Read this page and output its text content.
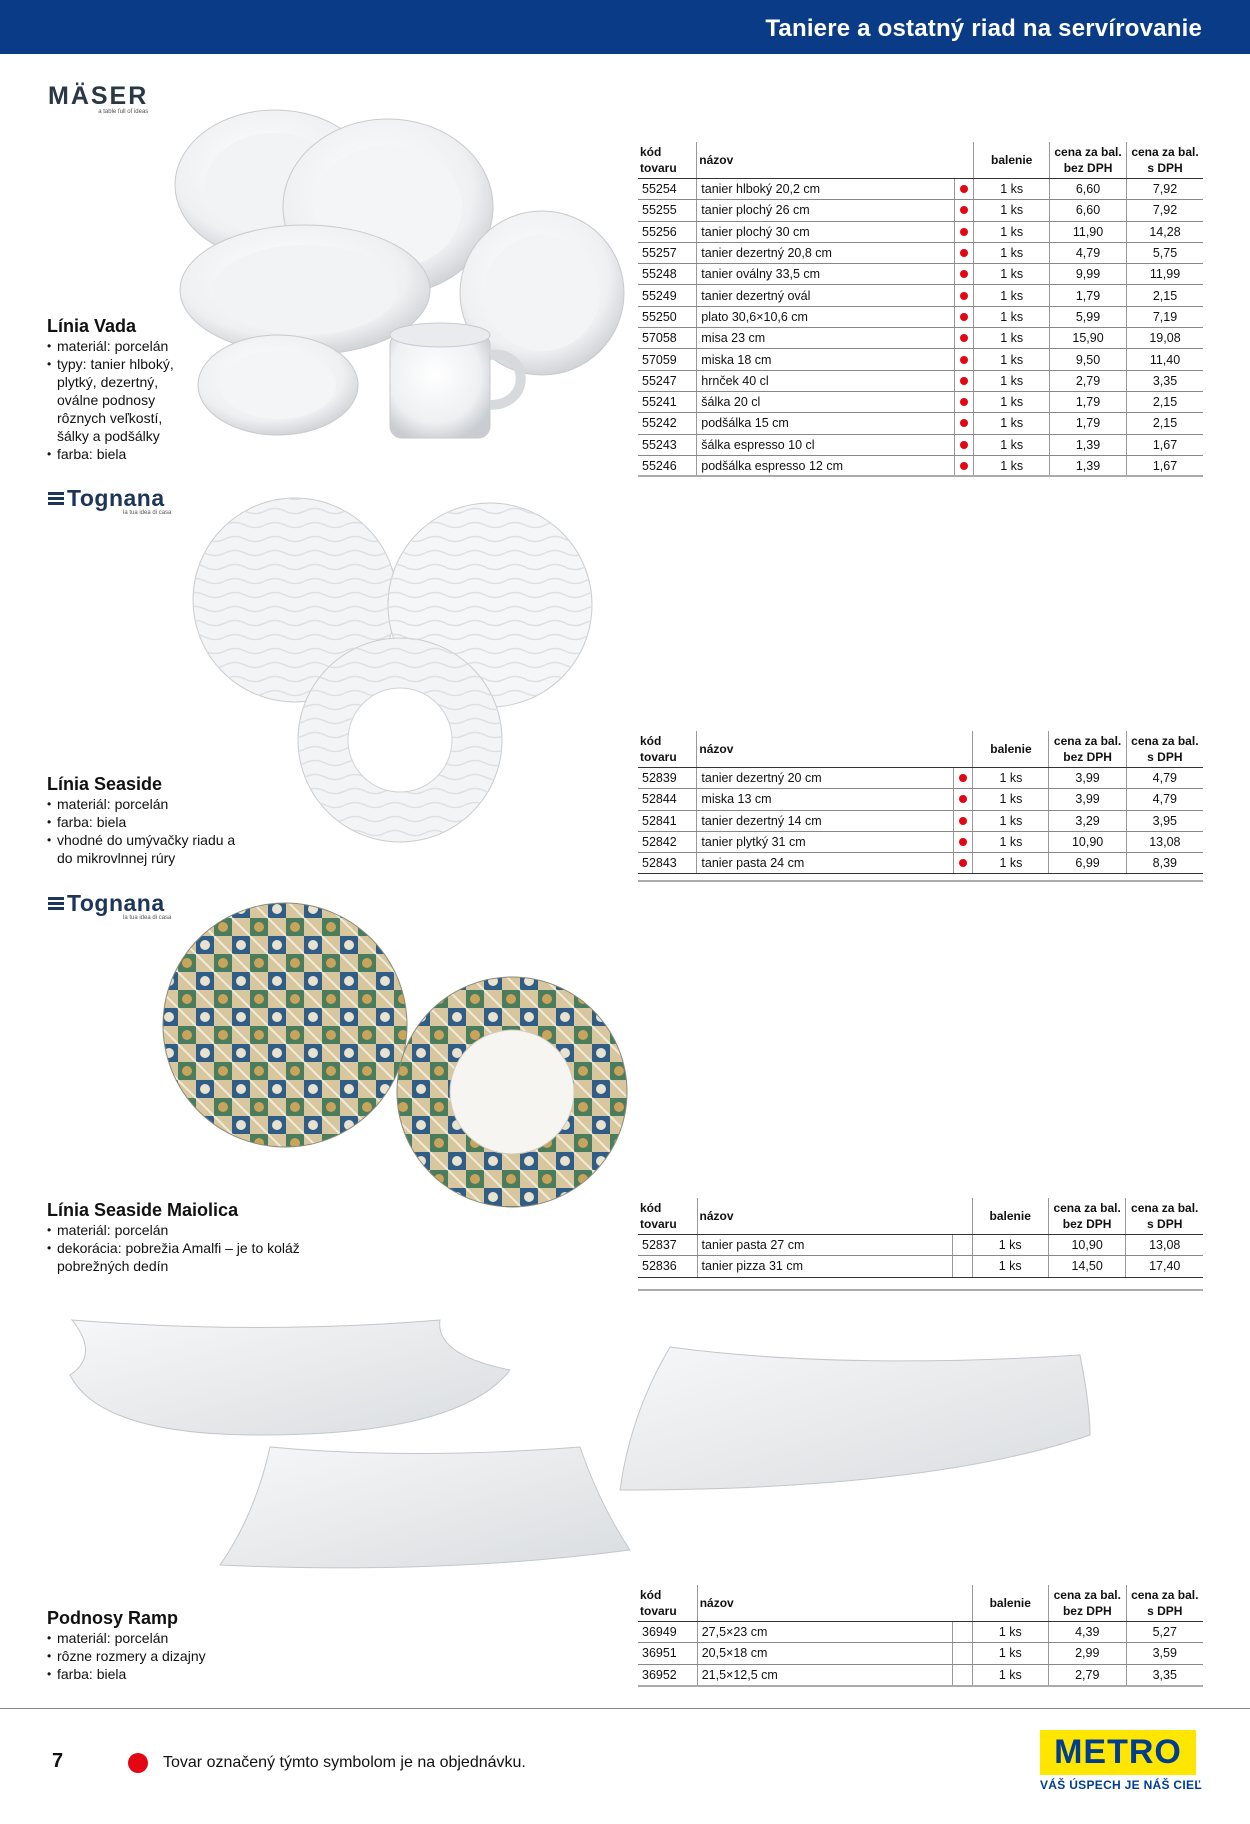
Taniere a ostatný riad na servírovanie
MÄSER
a table full of ideas
Línia Vada
• materiál: porcelán
• typy: tanier hlboký, plytký, dezertný, oválne podnosy rôznych veľkostí, šálky a podšálky
• farba: biela
kód tovaru	názov		balenie	cena za bal. bez DPH	cena za bal. s DPH
55254	tanier hlboký 20,2 cm		1 ks	6,60	7,92
55255	tanier plochý 26 cm		1 ks	6,60	7,92
55256	tanier plochý 30 cm		1 ks	11,90	14,28
55257	tanier dezertný 20,8 cm		1 ks	4,79	5,75
55248	tanier oválny 33,5 cm		1 ks	9,99	11,99
55249	tanier dezertný ovál		1 ks	1,79	2,15
55250	plato 30,6×10,6 cm		1 ks	5,99	7,19
57058	misa 23 cm		1 ks	15,90	19,08
57059	miska 18 cm		1 ks	9,50	11,40
55247	hrnček 40 cl		1 ks	2,79	3,35
55241	šálka 20 cl		1 ks	1,79	2,15
55242	podšálka 15 cm		1 ks	1,79	2,15
55243	šálka espresso 10 cl		1 ks	1,39	1,67
55246	podšálka espresso 12 cm		1 ks	1,39	1,67
Tognana
la tua idea di casa
Línia Seaside
• materiál: porcelán
• farba: biela
• vhodné do umývačky riadu a do mikrovlnnej rúry
kód tovaru	názov		balenie	cena za bal. bez DPH	cena za bal. s DPH
52839	tanier dezertný 20 cm		1 ks	3,99	4,79
52844	miska 13 cm		1 ks	3,99	4,79
52841	tanier dezertný 14 cm		1 ks	3,29	3,95
52842	tanier plytký 31 cm		1 ks	10,90	13,08
52843	tanier pasta 24 cm		1 ks	6,99	8,39
Tognana
la tua idea di casa
Línia Seaside Maiolica
• materiál: porcelán
• dekorácia: pobrežia Amalfi – je to koláž pobrežných dedín
kód tovaru	názov		balenie	cena za bal. bez DPH	cena za bal. s DPH
52837	tanier pasta 27 cm		1 ks	10,90	13,08
52836	tanier pizza 31 cm		1 ks	14,50	17,40
Podnosy Ramp
• materiál: porcelán
• rôzne rozmery a dizajny
• farba: biela
kód tovaru	názov		balenie	cena za bal. bez DPH	cena za bal. s DPH
36949	27,5×23 cm		1 ks	4,39	5,27
36951	20,5×18 cm		1 ks	2,99	3,59
36952	21,5×12,5 cm		1 ks	2,79	3,35
7	Tovar označený týmto symbolom je na objednávku.	METRO
VÁŠ ÚSPECH JE NÁŠ CIEĽ
